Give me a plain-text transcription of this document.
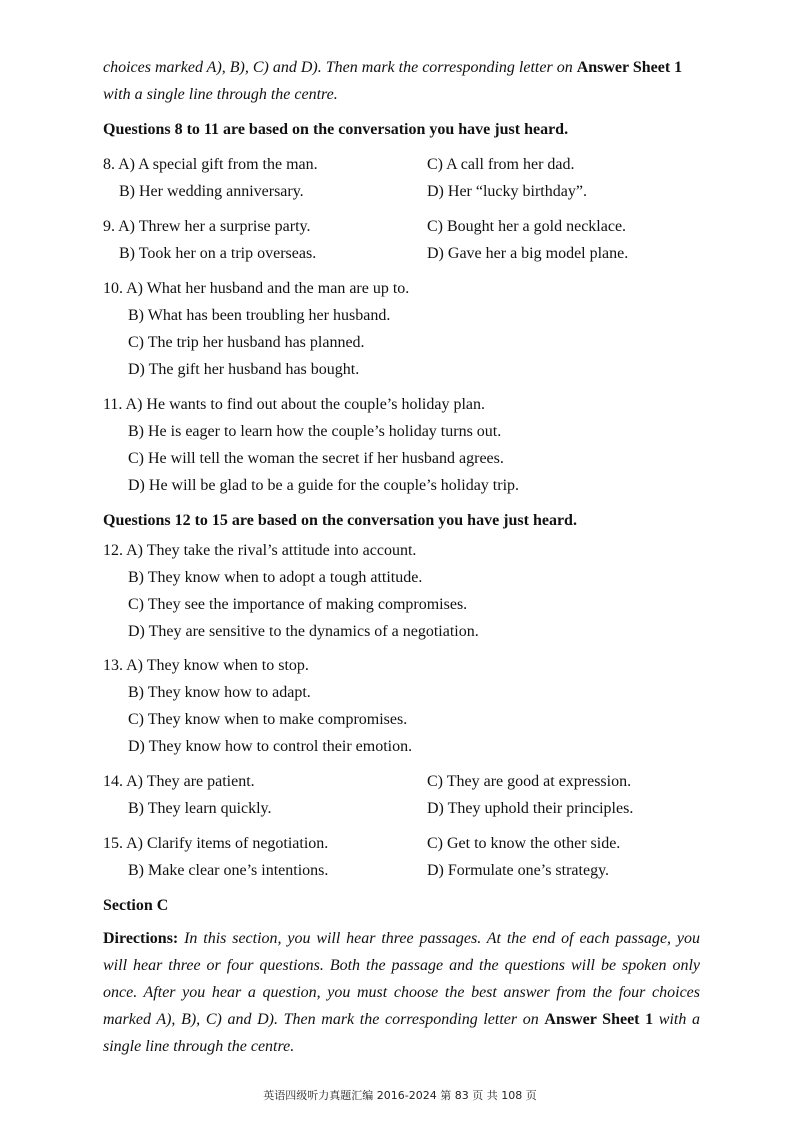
choices marked A), B), C) and D). Then mark the corresponding letter on Answer Sheet 1
with a single line through the centre.
Questions 8 to 11 are based on the conversation you have just heard.
8. A) A special gift from the man.	C) A call from her dad.
B) Her wedding anniversary.	D) Her “lucky birthday”.
9. A) Threw her a surprise party.	C) Bought her a gold necklace.
B) Took her on a trip overseas.	D) Gave her a big model plane.
10. A) What her husband and the man are up to.
B) What has been troubling her husband.
C) The trip her husband has planned.
D) The gift her husband has bought.
11. A) He wants to find out about the couple’s holiday plan.
B) He is eager to learn how the couple’s holiday turns out.
C) He will tell the woman the secret if her husband agrees.
D) He will be glad to be a guide for the couple’s holiday trip.
Questions 12 to 15 are based on the conversation you have just heard.
12. A) They take the rival’s attitude into account.
B) They know when to adopt a tough attitude.
C) They see the importance of making compromises.
D) They are sensitive to the dynamics of a negotiation.
13. A) They know when to stop.
B) They know how to adapt.
C) They know when to make compromises.
D) They know how to control their emotion.
14. A) They are patient.	C) They are good at expression.
B) They learn quickly.	D) They uphold their principles.
15. A) Clarify items of negotiation.	C) Get to know the other side.
B) Make clear one’s intentions.	D) Formulate one’s strategy.
Section C
Directions: In this section, you will hear three passages. At the end of each passage, you will hear three or four questions. Both the passage and the questions will be spoken only once. After you hear a question, you must choose the best answer from the four choices marked A), B), C) and D). Then mark the corresponding letter on Answer Sheet 1 with a single line through the centre.
英语四级听力真题汇编 2016-2024 第 83 页 共 108 页
